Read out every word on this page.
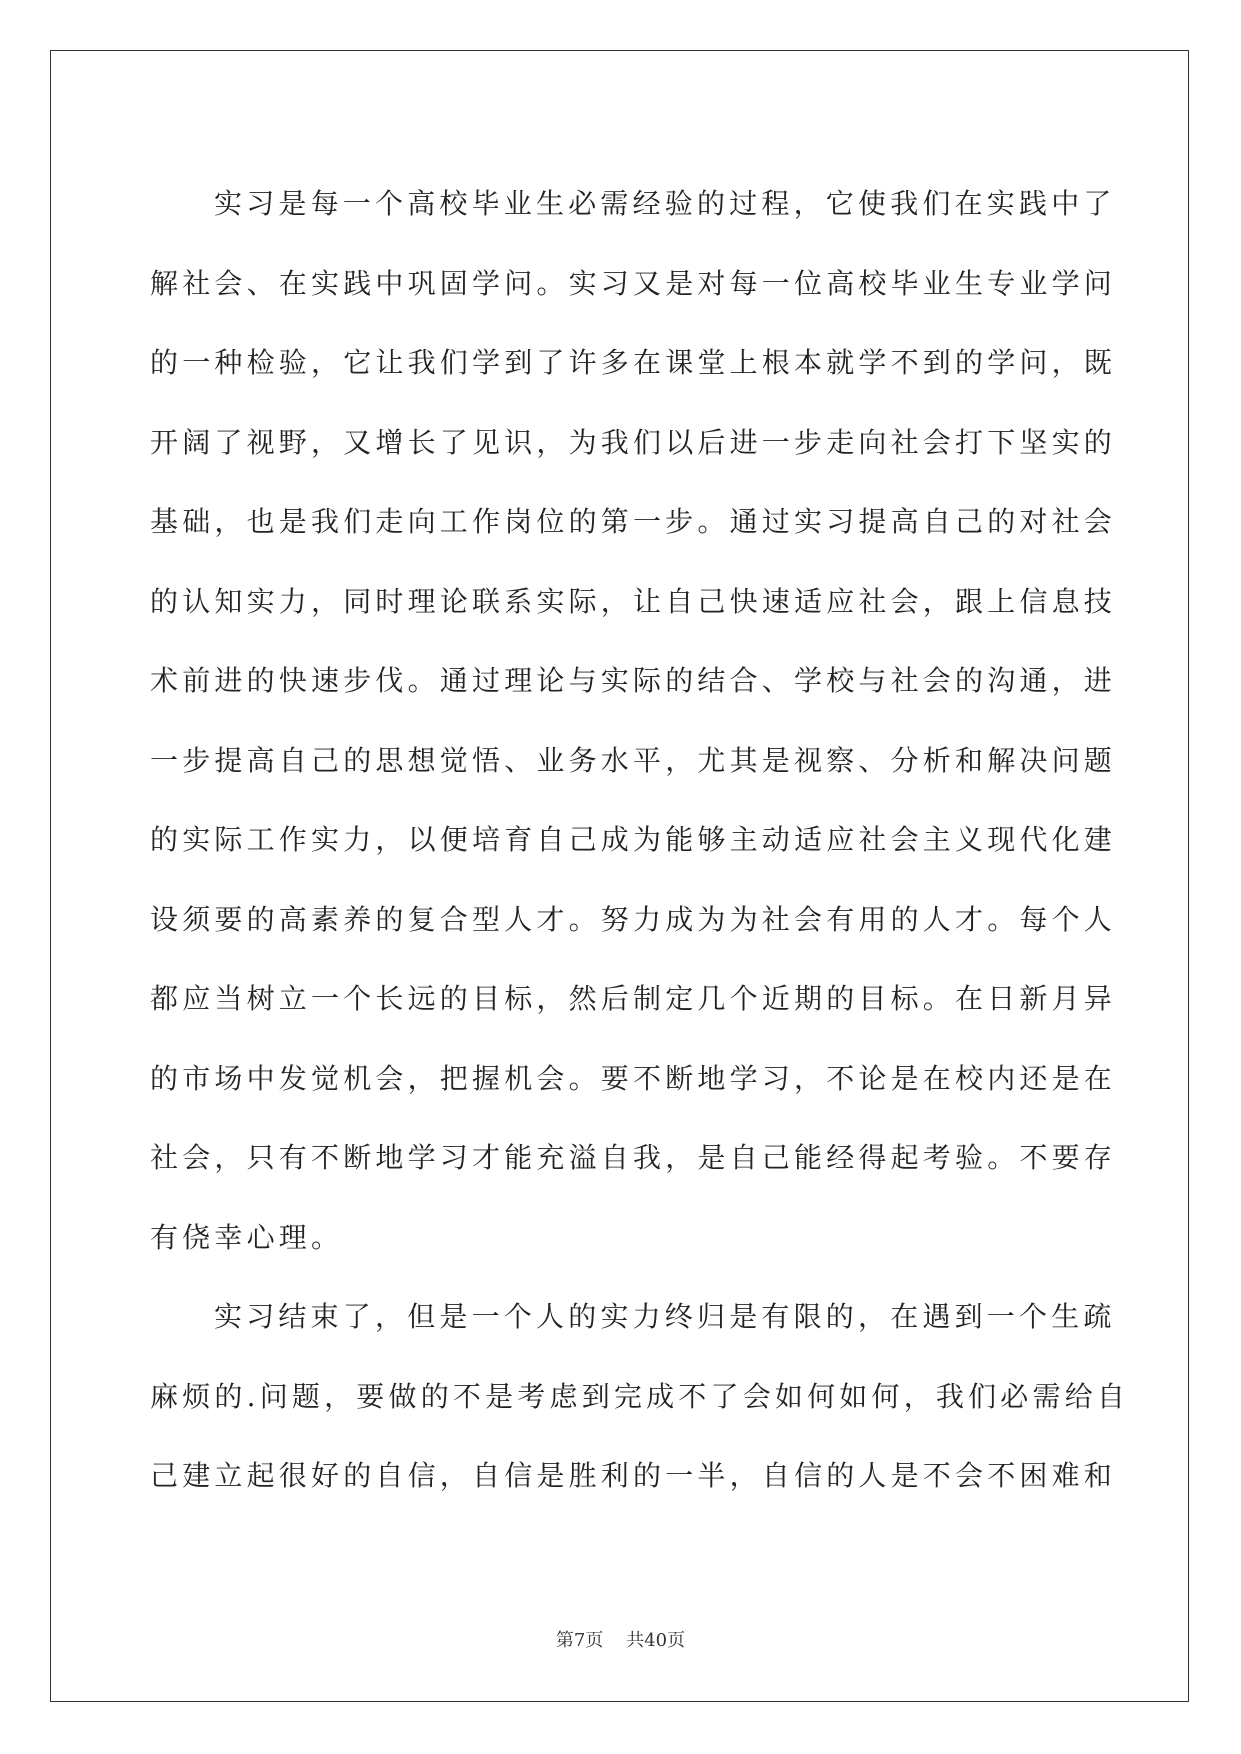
实习是每一个高校毕业生必需经验的过程，它使我们在实践中了
解社会、在实践中巩固学问。实习又是对每一位高校毕业生专业学问
的一种检验，它让我们学到了许多在课堂上根本就学不到的学问，既
开阔了视野，又增长了见识，为我们以后进一步走向社会打下坚实的
基础，也是我们走向工作岗位的第一步。通过实习提高自己的对社会
的认知实力，同时理论联系实际，让自己快速适应社会，跟上信息技
术前进的快速步伐。通过理论与实际的结合、学校与社会的沟通，进
一步提高自己的思想觉悟、业务水平，尤其是视察、分析和解决问题
的实际工作实力，以便培育自己成为能够主动适应社会主义现代化建
设须要的高素养的复合型人才。努力成为为社会有用的人才。每个人
都应当树立一个长远的目标，然后制定几个近期的目标。在日新月异
的市场中发觉机会，把握机会。要不断地学习，不论是在校内还是在
社会，只有不断地学习才能充溢自我，是自己能经得起考验。不要存
有侥幸心理。

实习结束了，但是一个人的实力终归是有限的，在遇到一个生疏
麻烦的.问题，要做的不是考虑到完成不了会如何如何，我们必需给自
己建立起很好的自信，自信是胜利的一半，自信的人是不会不困难和

第7页 共40页
